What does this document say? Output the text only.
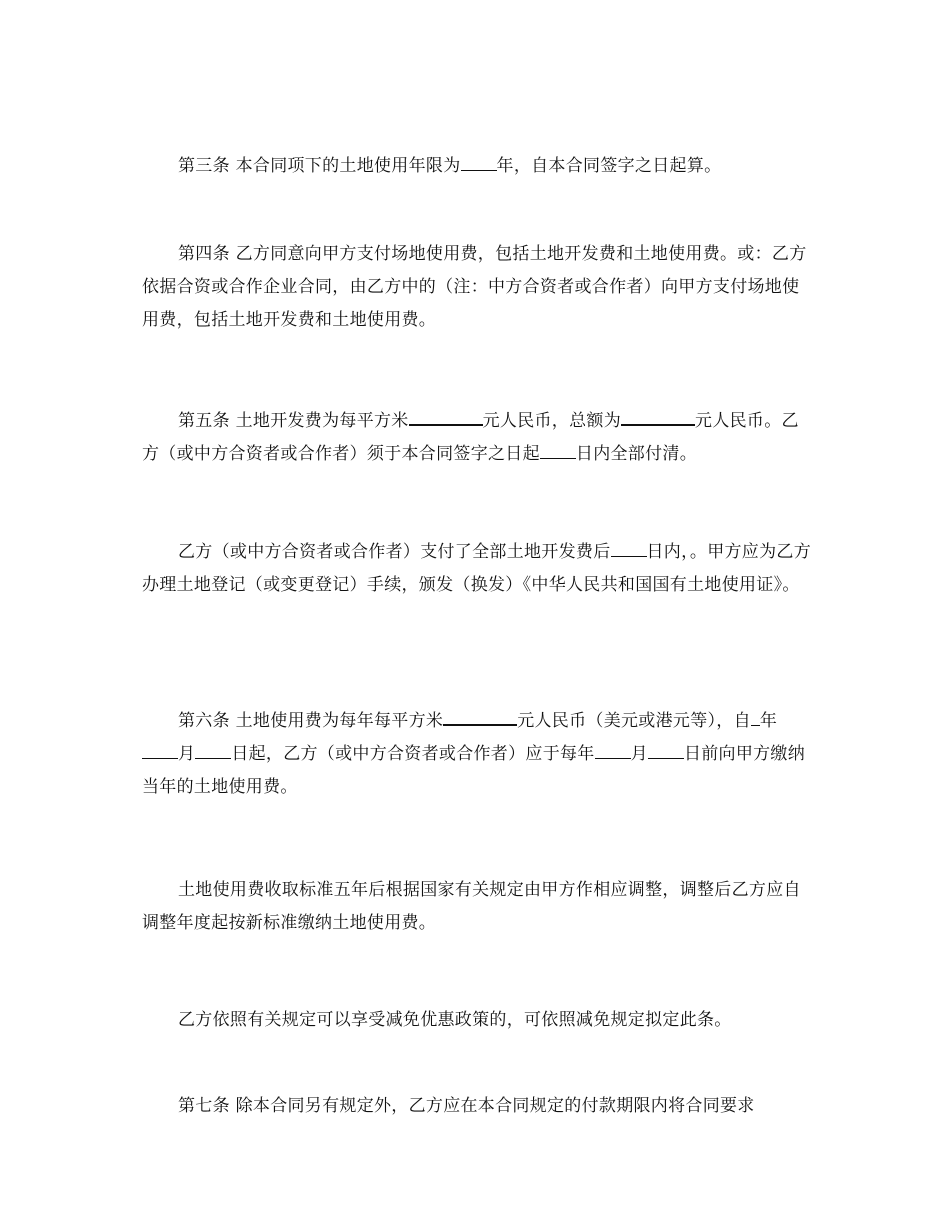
第三条 本合同项下的土地使用年限为 年，自本合同签字之日起算。

第四条 乙方同意向甲方支付场地使用费，包括土地开发费和土地使用费。或：乙方依据合资或合作企业合同，由乙方中的（注：中方合资者或合作者）向甲方支付场地使用费，包括土地开发费和土地使用费。

第五条 土地开发费为每平方米	元人民币，总额为	元人民币。乙方（或中方合资者或合作者）须于本合同签字之日起 日内全部付清。

乙方（或中方合资者或合作者）支付了全部土地开发费后 日内，。甲方应为乙方办理土地登记（或变更登记）手续，颁发（换发）《中华人民共和国国有土地使用证》。

第六条 土地使用费为每年每平方米	元人民币（美元或港元等），自 年月 日起，乙方（或中方合资者或合作者）应于每年 月 日前向甲方缴纳当年的土地使用费。

土地使用费收取标准五年后根据国家有关规定由甲方作相应调整，调整后乙方应自调整年度起按新标准缴纳土地使用费。

乙方依照有关规定可以享受减免优惠政策的，可依照减免规定拟定此条。

第七条 除本合同另有规定外，乙方应在本合同规定的付款期限内将合同要求
